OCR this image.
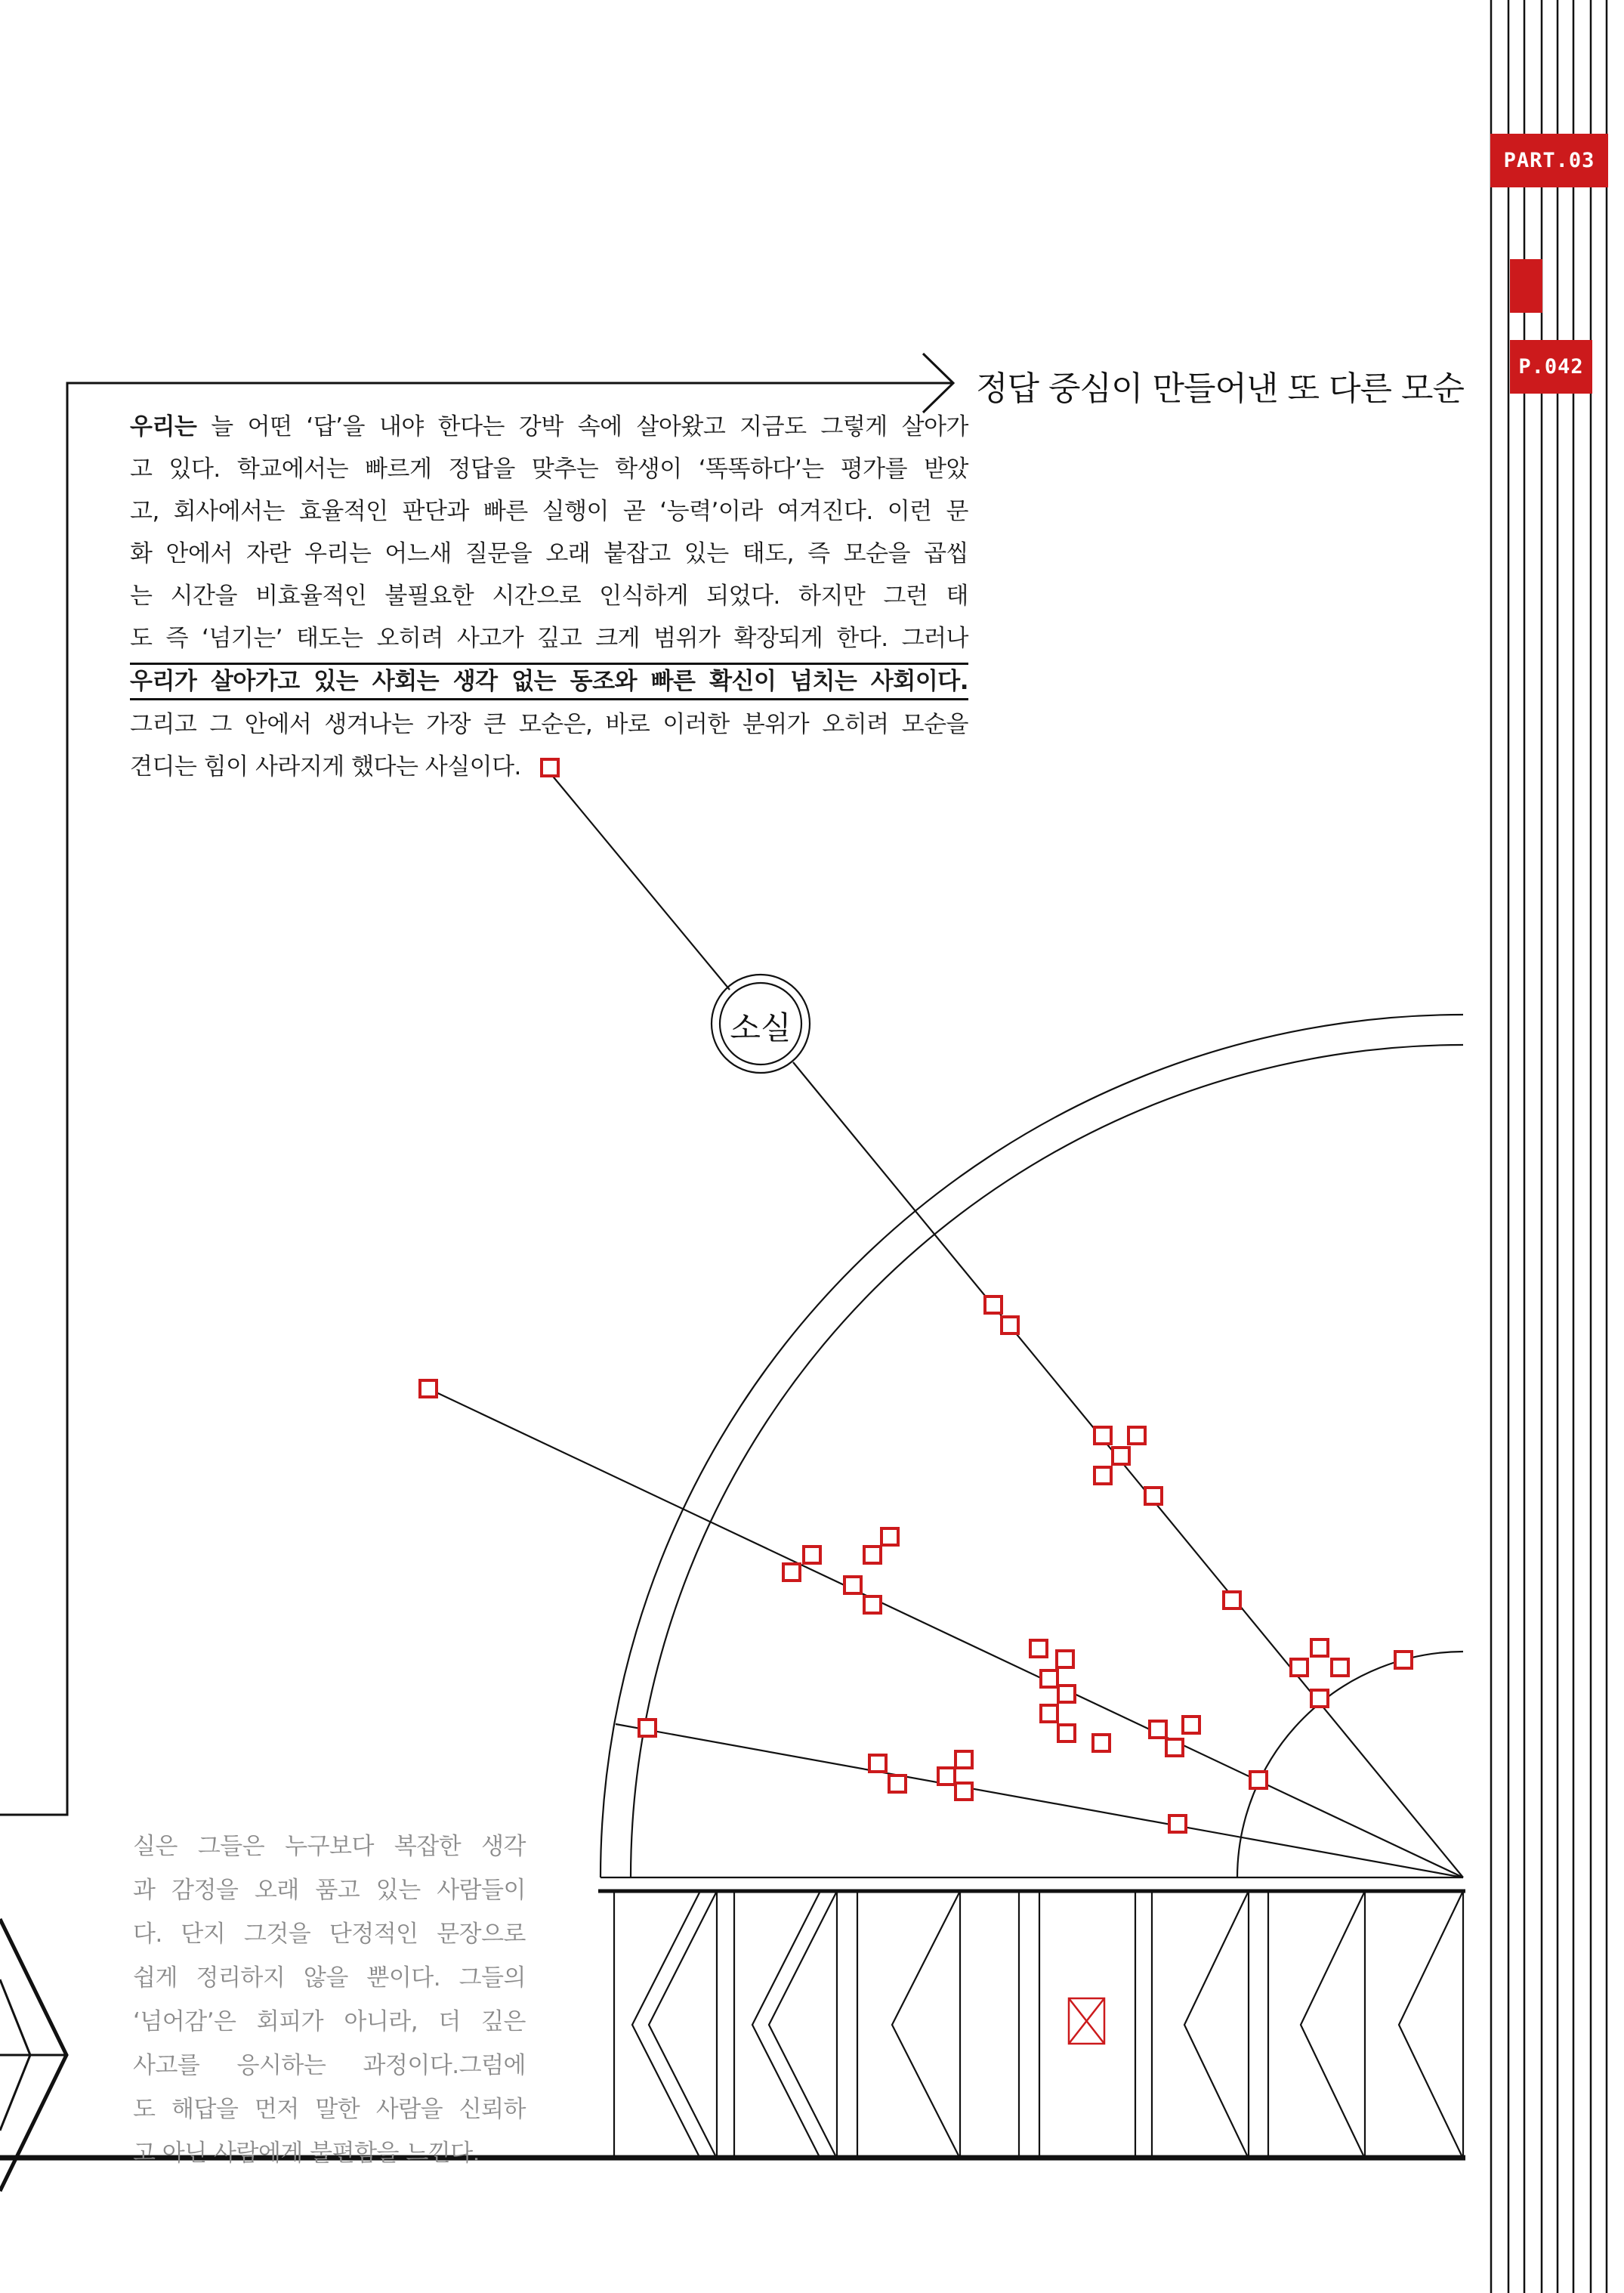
PART.03
P.042
정답 중심이 만들어낸 또 다른 모순
우리는 늘 어떤 ‘답’을 내야 한다는 강박 속에 살아왔고 지금도 그렇게 살아가
고 있다. 학교에서는 빠르게 정답을 맞추는 학생이 ‘똑똑하다’는 평가를 받았
고, 회사에서는 효율적인 판단과 빠른 실행이 곧 ‘능력’이라 여겨진다. 이런 문
화 안에서 자란 우리는 어느새 질문을 오래 붙잡고 있는 태도, 즉 모순을 곱씹
는 시간을 비효율적인 불필요한 시간으로 인식하게 되었다. 하지만 그런 태
도 즉 ‘넘기는’ 태도는 오히려 사고가 깊고 크게 범위가 확장되게 한다. 그러나
우리가 살아가고 있는 사회는 생각 없는 동조와 빠른 확신이 넘치는 사회이다.
그리고 그 안에서 생겨나는 가장 큰 모순은, 바로 이러한 분위가 오히려 모순을
견디는 힘이 사라지게 했다는 사실이다.
소실
실은 그들은 누구보다 복잡한 생각
과 감정을 오래 품고 있는 사람들이
다. 단지 그것을 단정적인 문장으로
쉽게 정리하지 않을 뿐이다. 그들의
‘넘어감’은 회피가 아니라, 더 깊은
사고를 응시하는 과정이다.그럼에
도 해답을 먼저 말한 사람을 신뢰하
고 아닌 사람에게 불편함을 느낀다.
